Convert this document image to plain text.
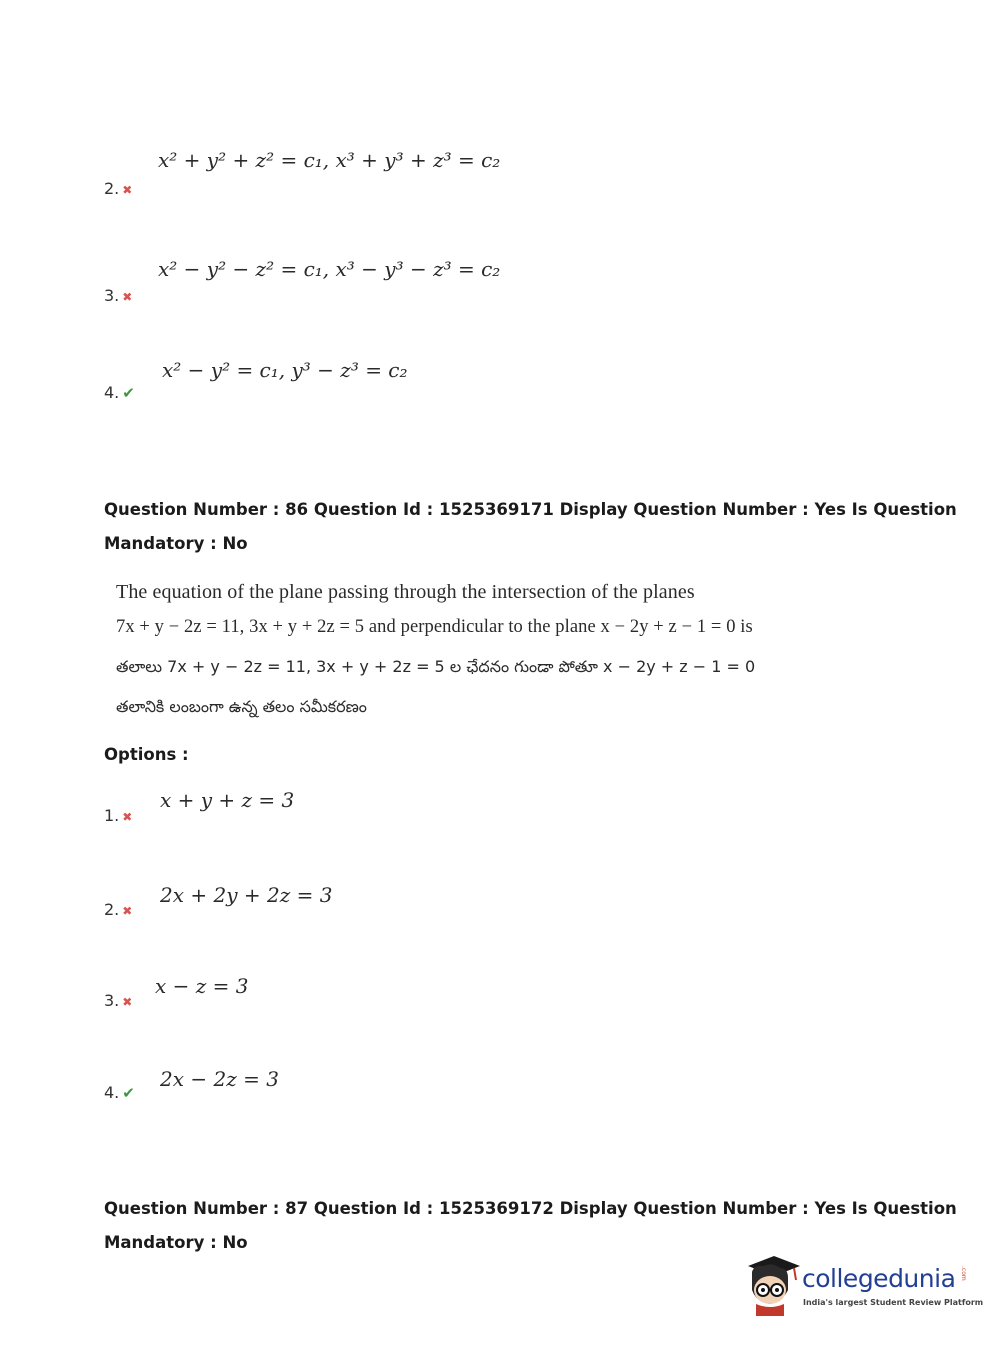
x² + y² + z² = c₁, x³ + y³ + z³ = c₂
2. ✖
x² − y² − z² = c₁, x³ − y³ − z³ = c₂
3. ✖
x² − y² = c₁, y³ − z³ = c₂
4. ✔
Question Number : 86 Question Id : 1525369171 Display Question Number : Yes Is Question
Mandatory : No
The equation of the plane passing through the intersection of the planes
7x + y − 2z = 11, 3x + y + 2z = 5 and perpendicular to the plane x − 2y + z − 1 = 0 is
తలాలు 7x + y − 2z = 11, 3x + y + 2z = 5 ల ఛేదనం గుండా పోతూ x − 2y + z − 1 = 0
తలానికి లంబంగా ఉన్న తలం సమీకరణం
Options :
x + y + z = 3
1. ✖
2x + 2y + 2z = 3
2. ✖
x − z = 3
3. ✖
2x − 2z = 3
4. ✔
Question Number : 87 Question Id : 1525369172 Display Question Number : Yes Is Question
Mandatory : No
collegedunia .com
India's largest Student Review Platform
